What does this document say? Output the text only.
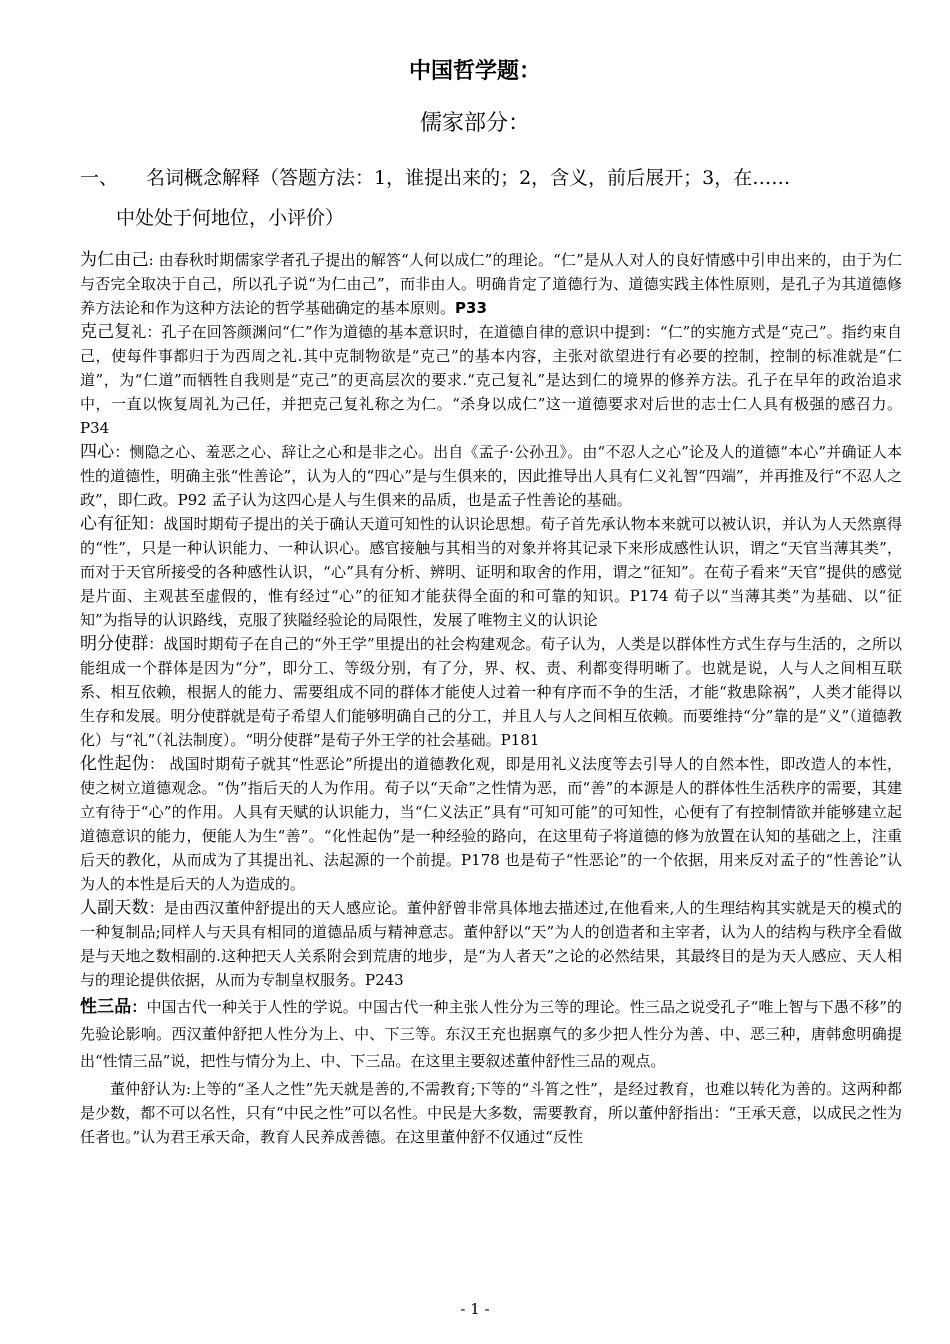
中国哲学题：
儒家部分：
一、 名词概念解释（答题方法：1，谁提出来的；2，含义，前后展开；3，在……
中处处于何地位，小评价）

为仁由己: 由春秋时期儒家学者孔子提出的解答“人何以成仁”的理论。“仁”是从人对人的良好情感中引申出来的，由于为仁与否完全取决于自己，所以孔子说“为仁由己”，而非由人。明确肯定了道德行为、道德实践主体性原则，是孔子为其道德修养方法论和作为这种方法论的哲学基础确定的基本原则。P33

克己复礼：孔子在回答颜渊问“仁”作为道德的基本意识时，在道德自律的意识中提到：“仁”的实施方式是“克己”。指约束自己，使每件事都归于为西周之礼.其中克制物欲是“克己”的基本内容，主张对欲望进行有必要的控制，控制的标准就是“仁道”，为“仁道”而牺牲自我则是“克己”的更高层次的要求.“克己复礼”是达到仁的境界的修养方法。孔子在早年的政治追求中，一直以恢复周礼为己任，并把克己复礼称之为仁。“杀身以成仁”这一道德要求对后世的志士仁人具有极强的感召力。P34

四心：恻隐之心、羞恶之心、辞让之心和是非之心。出自《孟子·公孙丑》。由“不忍人之心”论及人的道德“本心”并确证人本性的道德性，明确主张“性善论”，认为人的“四心”是与生俱来的，因此推导出人具有仁义礼智“四端”，并再推及行“不忍人之政”，即仁政。P92 孟子认为这四心是人与生俱来的品质，也是孟子性善论的基础。

心有征知：战国时期荀子提出的关于确认天道可知性的认识论思想。荀子首先承认物本来就可以被认识，并认为人天然禀得的“性”，只是一种认识能力、一种认识心。感官接触与其相当的对象并将其记录下来形成感性认识，谓之“天官当薄其类”，而对于天官所接受的各种感性认识，“心”具有分析、辨明、证明和取舍的作用，谓之“征知”。在荀子看来“天官”提供的感觉是片面、主观甚至虚假的，惟有经过“心”的征知才能获得全面的和可靠的知识。P174 荀子以“当薄其类”为基础、以“征知”为指导的认识路线，克服了狭隘经验论的局限性，发展了唯物主义的认识论

明分使群：战国时期荀子在自己的“外王学”里提出的社会构建观念。荀子认为，人类是以群体性方式生存与生活的，之所以能组成一个群体是因为“分”，即分工、等级分别，有了分，界、权、责、利都变得明晰了。也就是说，人与人之间相互联系、相互依赖，根据人的能力、需要组成不同的群体才能使人过着一种有序而不争的生活，才能“救患除祸”，人类才能得以生存和发展。明分使群就是荀子希望人们能够明确自己的分工，并且人与人之间相互依赖。而要维持“分”靠的是“义”（道德教化）与“礼”（礼法制度）。“明分使群”是荀子外王学的社会基础。P181

化性起伪： 战国时期荀子就其“性恶论”所提出的道德教化观，即是用礼义法度等去引导人的自然本性，即改造人的本性，使之树立道德观念。“伪”指后天的人为作用。荀子以“天命”之性情为恶，而“善”的本源是人的群体性生活秩序的需要，其建立有待于“心”的作用。人具有天赋的认识能力，当“仁义法正”具有“可知可能”的可知性，心便有了有控制情欲并能够建立起道德意识的能力，便能人为生“善”。“化性起伪”是一种经验的路向，在这里荀子将道德的修为放置在认知的基础之上，注重后天的教化，从而成为了其提出礼、法起源的一个前提。P178 也是荀子“性恶论”的一个依据，用来反对孟子的“性善论”认为人的本性是后天的人为造成的。

人副天数：是由西汉董仲舒提出的天人感应论。董仲舒曾非常具体地去描述过,在他看来,人的生理结构其实就是天的模式的一种复制品;同样人与天具有相同的道德品质与精神意志。董仲舒以“天”为人的创造者和主宰者，认为人的结构与秩序全看做是与天地之数相副的.这种把天人关系附会到荒唐的地步，是“为人者天”之论的必然结果，其最终目的是为天人感应、天人相与的理论提供依据，从而为专制皇权服务。P243

性三品：中国古代一种关于人性的学说。中国古代一种主张人性分为三等的理论。性三品之说受孔子“唯上智与下愚不移”的先验论影响。西汉董仲舒把人性分为上、中、下三等。东汉王充也据禀气的多少把人性分为善、中、恶三种，唐韩愈明确提出“性情三品”说，把性与情分为上、中、下三品。在这里主要叙述董仲舒性三品的观点。

董仲舒认为:上等的“圣人之性”先天就是善的,不需教育;下等的“斗筲之性”，是经过教育，也难以转化为善的。这两种都是少数，都不可以名性，只有“中民之性”可以名性。中民是大多数，需要教育，所以董仲舒指出：“王承天意，以成民之性为任者也。”认为君王承天命，教育人民养成善德。在这里董仲舒不仅通过“反性

- 1 -
